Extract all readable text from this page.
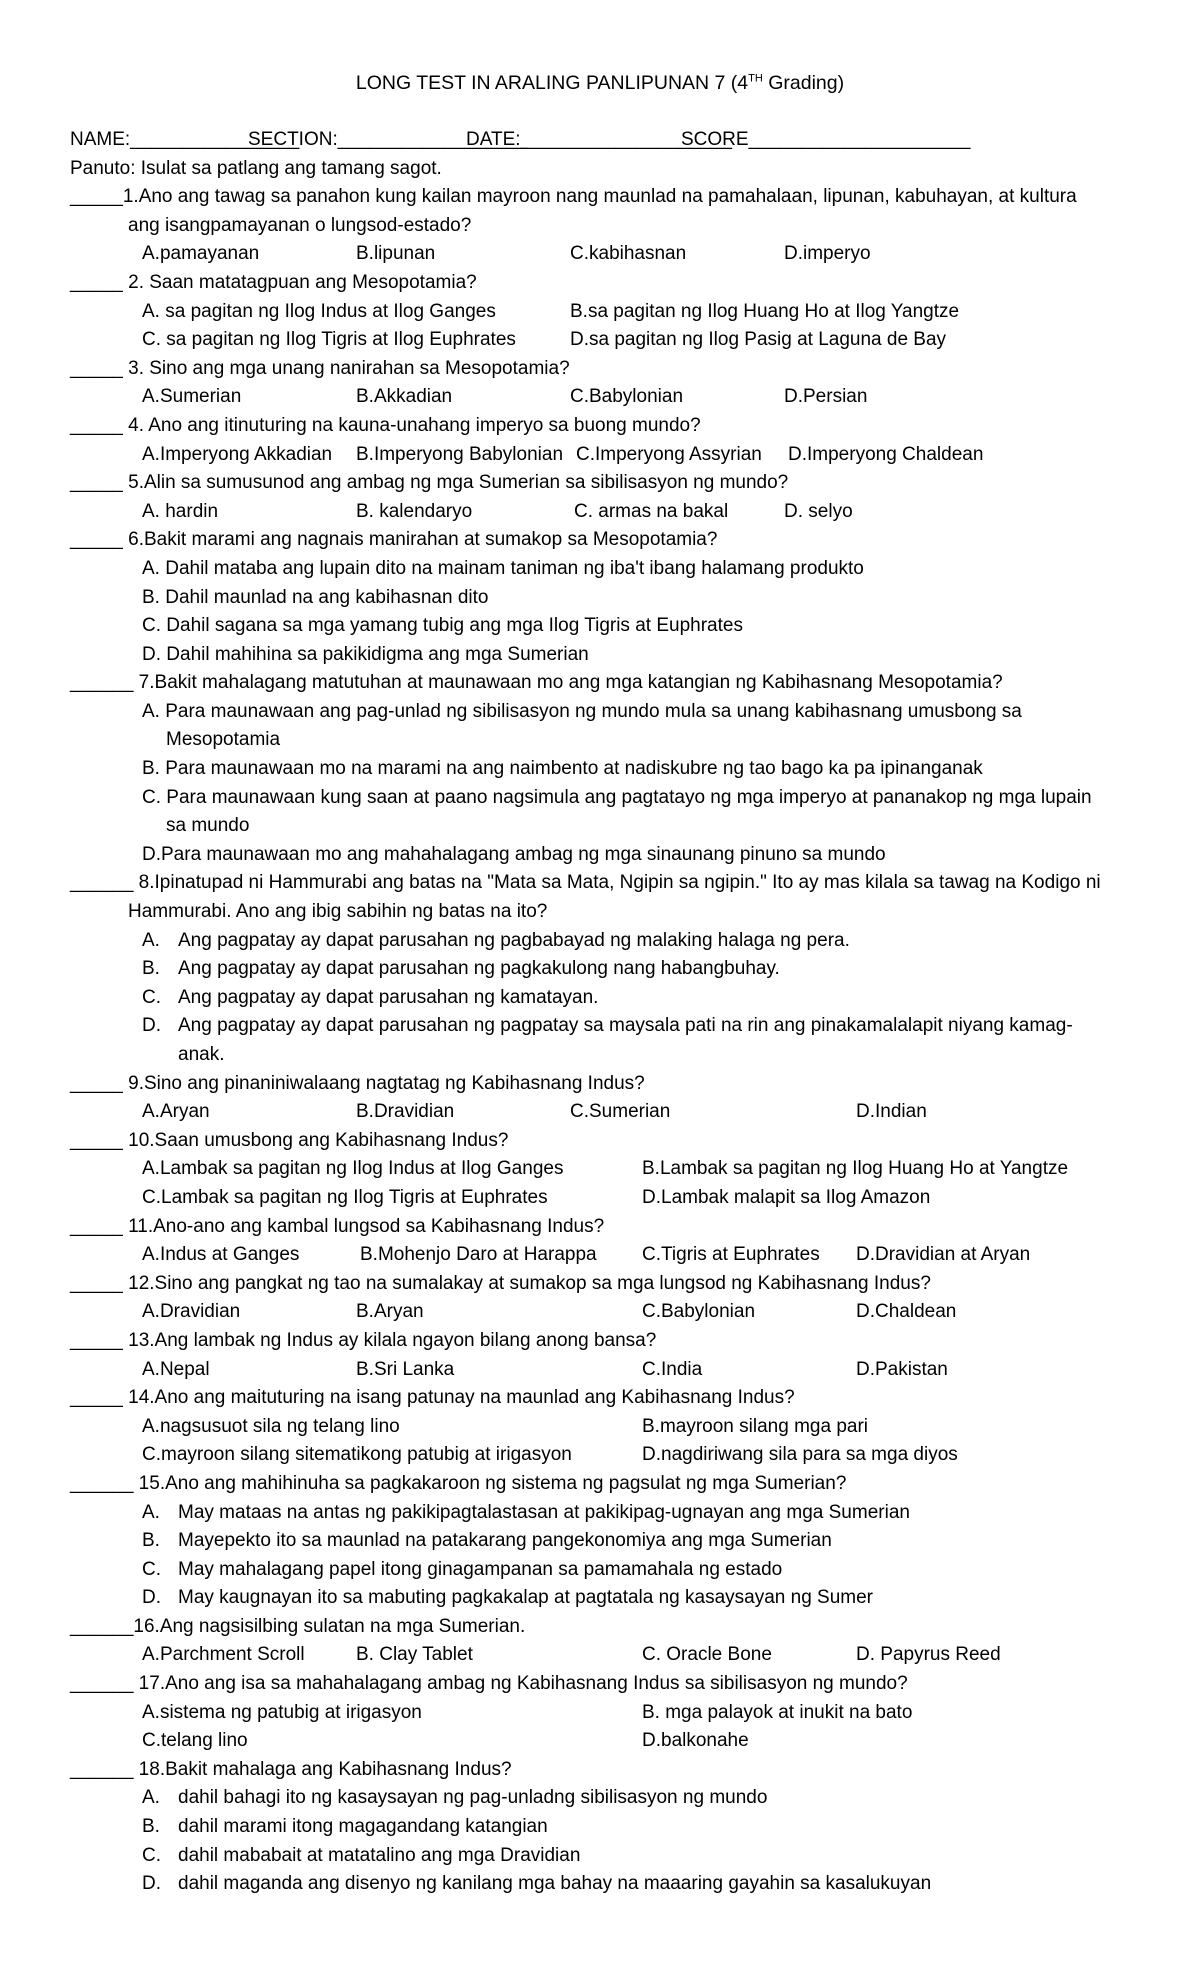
LONG TEST IN ARALING PANLIPUNAN 7 (4TH Grading)
NAME:________________
SECTION:__________________
DATE:____________________
SCORE_____________________
Panuto: Isulat sa patlang ang tamang sagot.
_____1.Ano ang tawag sa panahon kung kailan mayroon nang maunlad na pamahalaan, lipunan, kabuhayan, at kultura
ang isangpamayanan o lungsod-estado?
A.pamayanan	B.lipunan	C.kabihasnan	D.imperyo
_____ 2. Saan matatagpuan ang Mesopotamia?
A. sa pagitan ng Ilog Indus at Ilog Ganges	B.sa pagitan ng Ilog Huang Ho at Ilog Yangtze
C. sa pagitan ng Ilog Tigris at Ilog Euphrates	D.sa pagitan ng Ilog Pasig at Laguna de Bay
_____ 3. Sino ang mga unang nanirahan sa Mesopotamia?
A.Sumerian	B.Akkadian	C.Babylonian	D.Persian
_____ 4. Ano ang itinuturing na kauna-unahang imperyo sa buong mundo?
A.Imperyong Akkadian B.Imperyong Babylonian C.Imperyong Assyrian D.Imperyong Chaldean
_____ 5.Alin sa sumusunod ang ambag ng mga Sumerian sa sibilisasyon ng mundo?
A. hardin	B. kalendaryo	C. armas na bakal	D. selyo
_____ 6.Bakit marami ang nagnais manirahan at sumakop sa Mesopotamia?
A. Dahil mataba ang lupain dito na mainam taniman ng iba't ibang halamang produkto
B. Dahil maunlad na ang kabihasnan dito
C. Dahil sagana sa mga yamang tubig ang mga Ilog Tigris at Euphrates
D. Dahil mahihina sa pakikidigma ang mga Sumerian
______ 7.Bakit mahalagang matutuhan at maunawaan mo ang mga katangian ng Kabihasnang Mesopotamia?
A. Para maunawaan ang pag-unlad ng sibilisasyon ng mundo mula sa unang kabihasnang umusbong sa
Mesopotamia
B. Para maunawaan mo na marami na ang naimbento at nadiskubre ng tao bago ka pa ipinanganak
C. Para maunawaan kung saan at paano nagsimula ang pagtatayo ng mga imperyo at pananakop ng mga lupain
sa mundo
D.Para maunawaan mo ang mahahalagang ambag ng mga sinaunang pinuno sa mundo
______ 8.Ipinatupad ni Hammurabi ang batas na "Mata sa Mata, Ngipin sa ngipin." Ito ay mas kilala sa tawag na Kodigo ni
Hammurabi. Ano ang ibig sabihin ng batas na ito?
A. Ang pagpatay ay dapat parusahan ng pagbabayad ng malaking halaga ng pera.
B. Ang pagpatay ay dapat parusahan ng pagkakulong nang habangbuhay.
C. Ang pagpatay ay dapat parusahan ng kamatayan.
D. Ang pagpatay ay dapat parusahan ng pagpatay sa maysala pati na rin ang pinakamalalapit niyang kamag-
anak.
_____ 9.Sino ang pinaniniwalaang nagtatag ng Kabihasnang Indus?
A.Aryan	B.Dravidian	C.Sumerian	D.Indian
_____ 10.Saan umusbong ang Kabihasnang Indus?
A.Lambak sa pagitan ng Ilog Indus at Ilog Ganges	B.Lambak sa pagitan ng Ilog Huang Ho at Yangtze
C.Lambak sa pagitan ng Ilog Tigris at Euphrates	D.Lambak malapit sa Ilog Amazon
_____ 11.Ano-ano ang kambal lungsod sa Kabihasnang Indus?
A.Indus at Ganges	B.Mohenjo Daro at Harappa C.Tigris at Euphrates D.Dravidian at Aryan
_____ 12.Sino ang pangkat ng tao na sumalakay at sumakop sa mga lungsod ng Kabihasnang Indus?
A.Dravidian	B.Aryan	C.Babylonian	D.Chaldean
_____ 13.Ang lambak ng Indus ay kilala ngayon bilang anong bansa?
A.Nepal	B.Sri Lanka	C.India	D.Pakistan
_____ 14.Ano ang maituturing na isang patunay na maunlad ang Kabihasnang Indus?
A.nagsusuot sila ng telang lino	B.mayroon silang mga pari
C.mayroon silang sitematikong patubig at irigasyon	D.nagdiriwang sila para sa mga diyos
______ 15.Ano ang mahihinuha sa pagkakaroon ng sistema ng pagsulat ng mga Sumerian?
A. May mataas na antas ng pakikipagtalastasan at pakikipag-ugnayan ang mga Sumerian
B. Mayepekto ito sa maunlad na patakarang pangekonomiya ang mga Sumerian
C. May mahalagang papel itong ginagampanan sa pamamahala ng estado
D. May kaugnayan ito sa mabuting pagkakalap at pagtatala ng kasaysayan ng Sumer
______16.Ang nagsisilbing sulatan na mga Sumerian.
A.Parchment Scroll	B. Clay Tablet	C. Oracle Bone	D. Papyrus Reed
______ 17.Ano ang isa sa mahahalagang ambag ng Kabihasnang Indus sa sibilisasyon ng mundo?
A.sistema ng patubig at irigasyon	B. mga palayok at inukit na bato
C.telang lino	D.balkonahe
______ 18.Bakit mahalaga ang Kabihasnang Indus?
A. dahil bahagi ito ng kasaysayan ng pag-unladng sibilisasyon ng mundo
B. dahil marami itong magagandang katangian
C. dahil mababait at matatalino ang mga Dravidian
D. dahil maganda ang disenyo ng kanilang mga bahay na maaaring gayahin sa kasalukuyan
